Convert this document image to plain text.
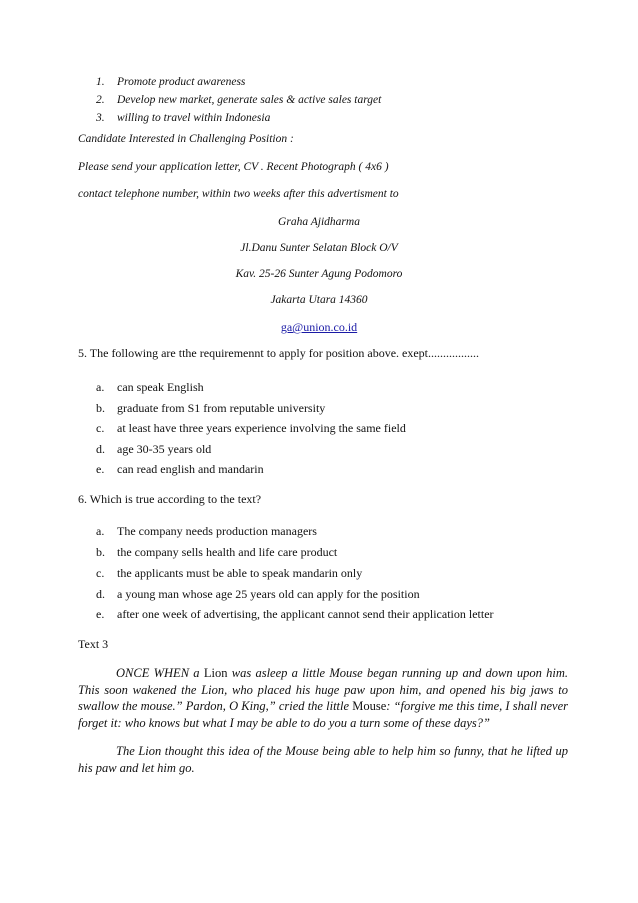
1. Promote product awareness
2. Develop new market, generate sales & active sales target
3. willing to travel within Indonesia
Candidate Interested in Challenging Position :
Please send your application letter, CV . Recent Photograph ( 4x6 )
contact telephone number, within two weeks after this advertisment to
Graha Ajidharma
Jl.Danu Sunter Selatan Block O/V
Kav. 25-26 Sunter Agung Podomoro
Jakarta Utara 14360
ga@union.co.id
5. The following are tthe requiremennt to apply for position above. exept.................
a. can speak English
b. graduate from S1 from reputable university
c. at least have three years experience involving the same field
d. age 30-35 years old
e. can read english and mandarin
6. Which is true according to the text?
a. The company needs production managers
b. the company sells health and life care product
c. the applicants must be able to speak mandarin only
d. a young man whose age 25 years old can apply for the position
e. after one week of advertising, the applicant cannot send their application letter
Text 3

ONCE WHEN a Lion was asleep a little Mouse began running up and down upon him. This soon wakened the Lion, who placed his huge paw upon him, and opened his big jaws to swallow the mouse.” Pardon, O King,” cried the little Mouse: “forgive me this time, I shall never forget it: who knows but what I may be able to do you a turn some of these days?”

The Lion thought this idea of the Mouse being able to help him so funny, that he lifted up his paw and let him go.
